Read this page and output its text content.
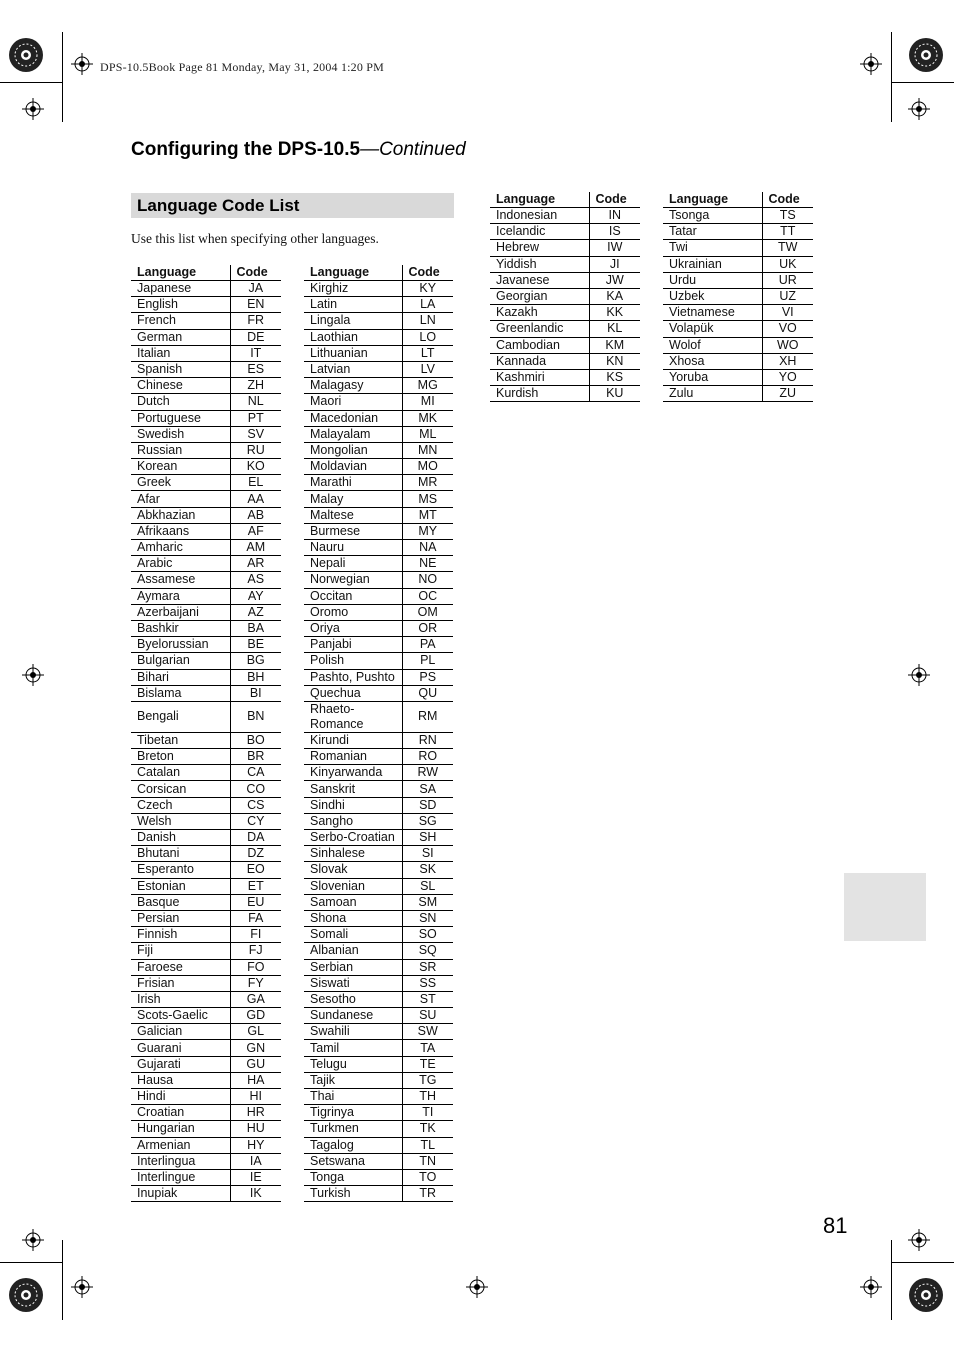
DPS-10.5Book Page 81 Monday, May 31, 2004 1:20 PM
Configuring the DPS-10.5—Continued
Language Code List
Use this list when specifying other languages.
Language	Code
Japanese	JA
English	EN
French	FR
German	DE
Italian	IT
Spanish	ES
Chinese	ZH
Dutch	NL
Portuguese	PT
Swedish	SV
Russian	RU
Korean	KO
Greek	EL
Afar	AA
Abkhazian	AB
Afrikaans	AF
Amharic	AM
Arabic	AR
Assamese	AS
Aymara	AY
Azerbaijani	AZ
Bashkir	BA
Byelorussian	BE
Bulgarian	BG
Bihari	BH
Bislama	BI
Bengali	BN
Tibetan	BO
Breton	BR
Catalan	CA
Corsican	CO
Czech	CS
Welsh	CY
Danish	DA
Bhutani	DZ
Esperanto	EO
Estonian	ET
Basque	EU
Persian	FA
Finnish	FI
Fiji	FJ
Faroese	FO
Frisian	FY
Irish	GA
Scots-Gaelic	GD
Galician	GL
Guarani	GN
Gujarati	GU
Hausa	HA
Hindi	HI
Croatian	HR
Hungarian	HU
Armenian	HY
Interlingua	IA
Interlingue	IE
Inupiak	IK
Language	Code
Kirghiz	KY
Latin	LA
Lingala	LN
Laothian	LO
Lithuanian	LT
Latvian	LV
Malagasy	MG
Maori	MI
Macedonian	MK
Malayalam	ML
Mongolian	MN
Moldavian	MO
Marathi	MR
Malay	MS
Maltese	MT
Burmese	MY
Nauru	NA
Nepali	NE
Norwegian	NO
Occitan	OC
Oromo	OM
Oriya	OR
Panjabi	PA
Polish	PL
Pashto, Pushto	PS
Quechua	QU
Rhaeto-Romance	RM
Kirundi	RN
Romanian	RO
Kinyarwanda	RW
Sanskrit	SA
Sindhi	SD
Sangho	SG
Serbo-Croatian	SH
Sinhalese	SI
Slovak	SK
Slovenian	SL
Samoan	SM
Shona	SN
Somali	SO
Albanian	SQ
Serbian	SR
Siswati	SS
Sesotho	ST
Sundanese	SU
Swahili	SW
Tamil	TA
Telugu	TE
Tajik	TG
Thai	TH
Tigrinya	TI
Turkmen	TK
Tagalog	TL
Setswana	TN
Tonga	TO
Turkish	TR
Language	Code
Indonesian	IN
Icelandic	IS
Hebrew	IW
Yiddish	JI
Javanese	JW
Georgian	KA
Kazakh	KK
Greenlandic	KL
Cambodian	KM
Kannada	KN
Kashmiri	KS
Kurdish	KU
Language	Code
Tsonga	TS
Tatar	TT
Twi	TW
Ukrainian	UK
Urdu	UR
Uzbek	UZ
Vietnamese	VI
Volapük	VO
Wolof	WO
Xhosa	XH
Yoruba	YO
Zulu	ZU
81
